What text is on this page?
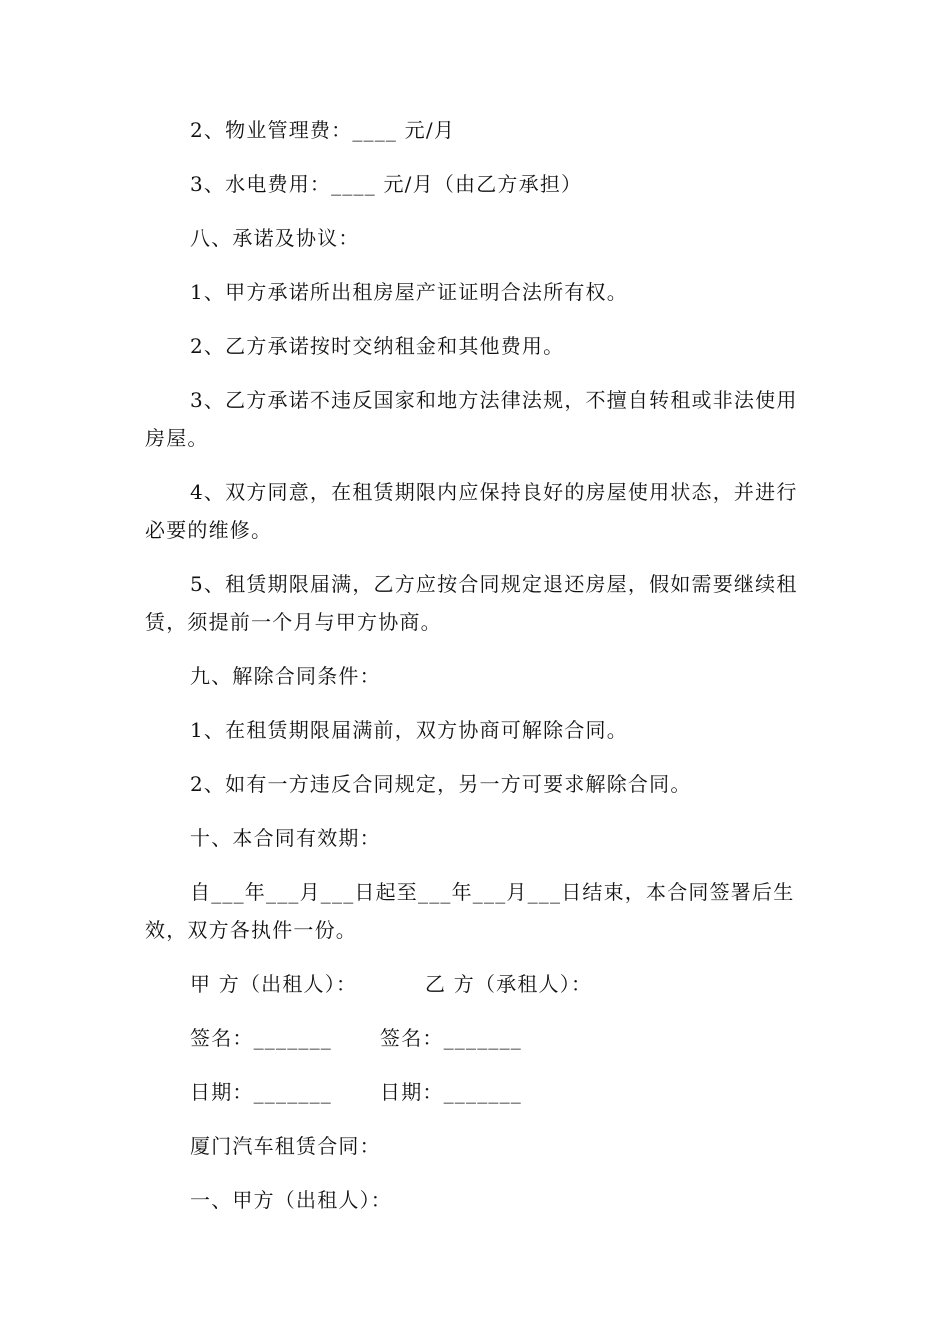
2、物业管理费：____ 元/月
3、水电费用：____ 元/月（由乙方承担）
八、承诺及协议：
1、甲方承诺所出租房屋产证证明合法所有权。
2、乙方承诺按时交纳租金和其他费用。
3、乙方承诺不违反国家和地方法律法规，不擅自转租或非法使用房屋。
4、双方同意，在租赁期限内应保持良好的房屋使用状态，并进行必要的维修。
5、租赁期限届满，乙方应按合同规定退还房屋，假如需要继续租赁，须提前一个月与甲方协商。
九、解除合同条件：
1、在租赁期限届满前，双方协商可解除合同。
2、如有一方违反合同规定，另一方可要求解除合同。
十、本合同有效期：
自___年___月___日起至___年___月___日结束，本合同签署后生效，双方各执件一份。
甲 方（出租人）：	乙 方（承租人）：
签名：_______ 签名：_______
日期：_______ 日期：_______
厦门汽车租赁合同：
一、甲方（出租人）：
